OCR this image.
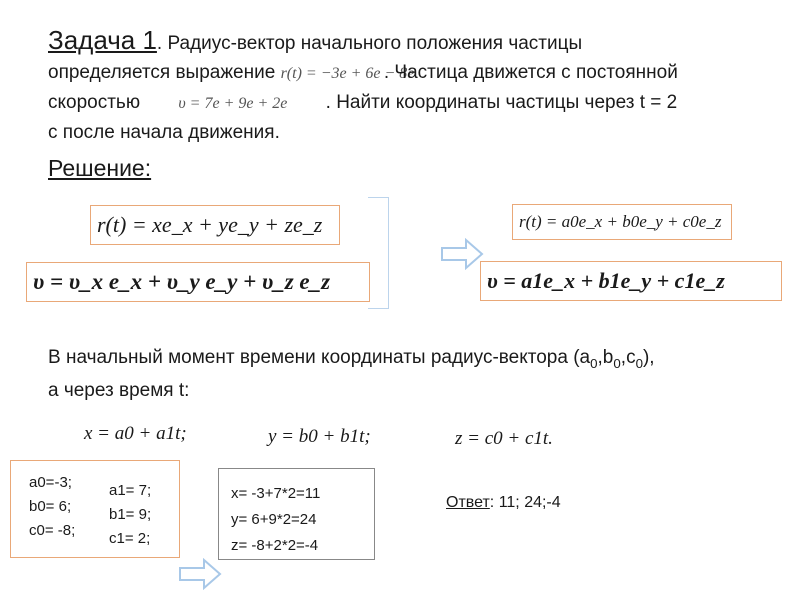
Задача 1. Радиус-вектор начального положения частицы
определяется выражение r(t) = −3e + 6e − 8e . Частица движется с постоянной
скоростью υ = 7e + 9e + 2e . Найти координаты частицы через t = 2
с после начала движения.
Решение:
r(t) = xe_x + ye_y + ze_z
υ = υ_x e_x + υ_y e_y + υ_z e_z
r(t) = a0e_x + b0e_y + c0e_z
υ = a1e_x + b1e_y + c1e_z
В начальный момент времени координаты радиус-вектора $(a_0,b_0,c_0)$,
а через время t:
x = a0 + a1t;	y = b0 + b1t;	z = c0 + c1t.
a0=-3;
b0= 6;
c0= -8;
a1= 7;
b1= 9;
c1= 2;
x= -3+7*2=11
y= 6+9*2=24
z= -8+2*2=-4
Ответ: 11; 24;-4
